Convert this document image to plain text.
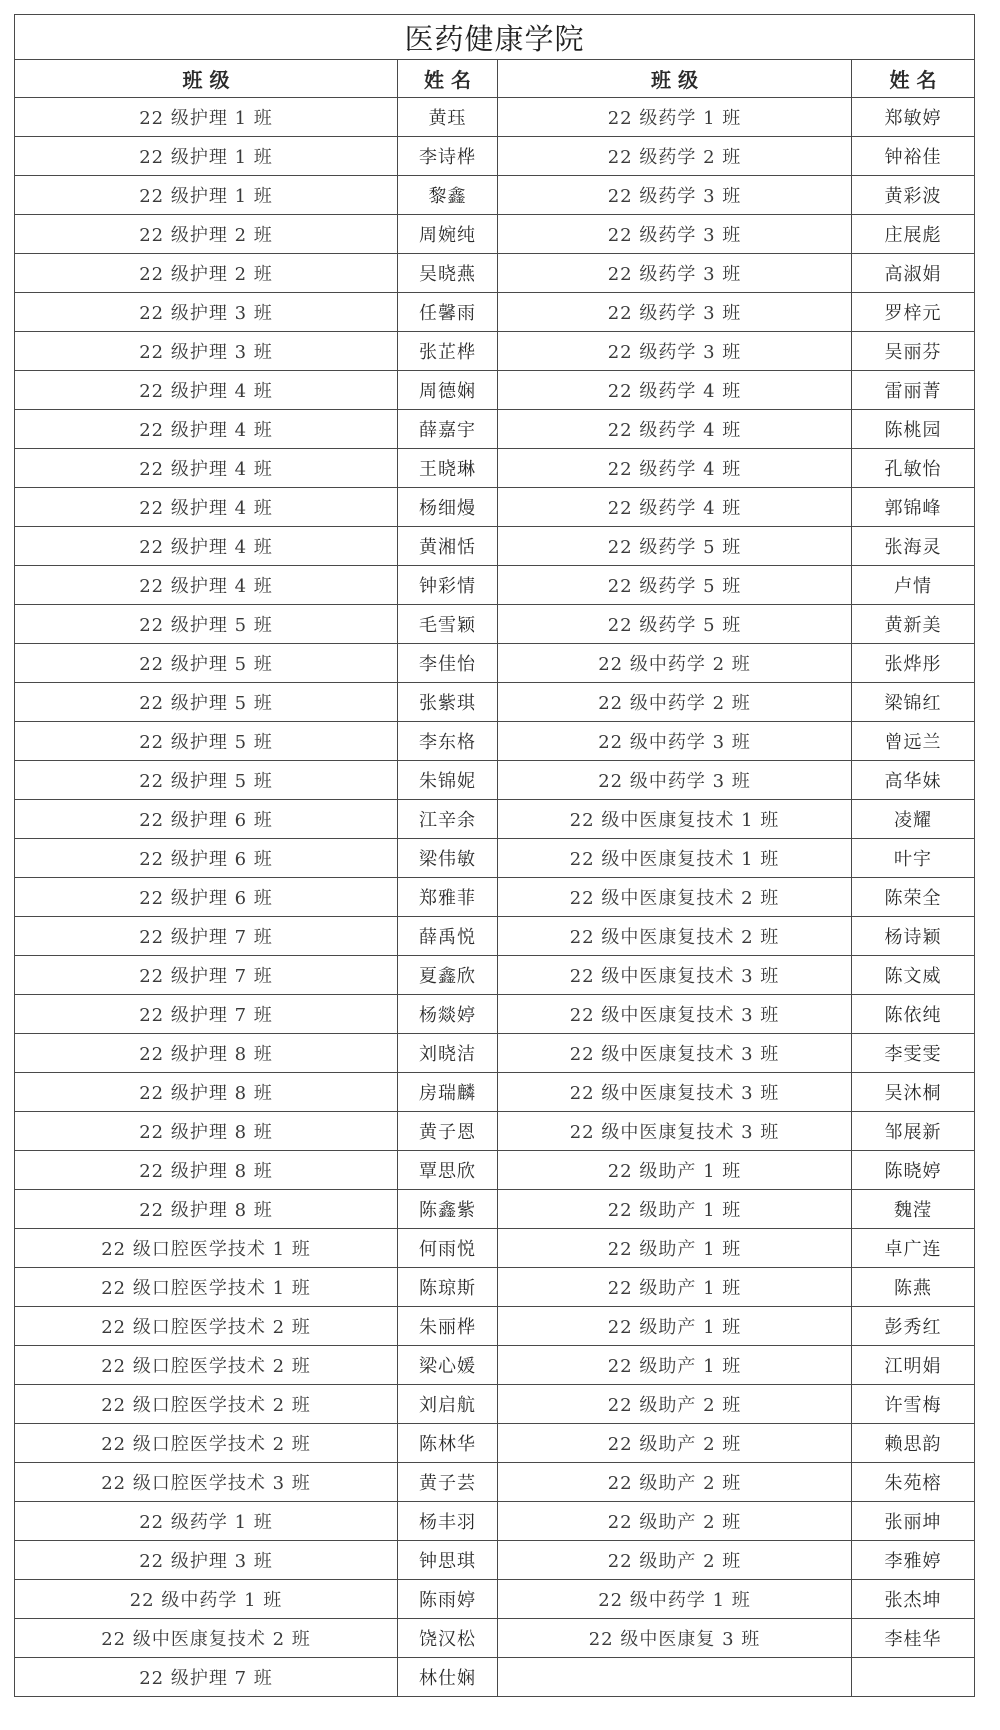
医药健康学院			
班 级	姓 名	班 级	姓 名
22 级护理 1 班	黄珏	22 级药学 1 班	郑敏婷
22 级护理 1 班	李诗桦	22 级药学 2 班	钟裕佳
22 级护理 1 班	黎鑫	22 级药学 3 班	黄彩波
22 级护理 2 班	周婉纯	22 级药学 3 班	庄展彪
22 级护理 2 班	吴晓燕	22 级药学 3 班	高淑娟
22 级护理 3 班	任馨雨	22 级药学 3 班	罗梓元
22 级护理 3 班	张芷桦	22 级药学 3 班	吴丽芬
22 级护理 4 班	周德娴	22 级药学 4 班	雷丽菁
22 级护理 4 班	薛嘉宇	22 级药学 4 班	陈桃园
22 级护理 4 班	王晓琳	22 级药学 4 班	孔敏怡
22 级护理 4 班	杨细熳	22 级药学 4 班	郭锦峰
22 级护理 4 班	黄湘恬	22 级药学 5 班	张海灵
22 级护理 4 班	钟彩情	22 级药学 5 班	卢情
22 级护理 5 班	毛雪颖	22 级药学 5 班	黄新美
22 级护理 5 班	李佳怡	22 级中药学 2 班	张烨彤
22 级护理 5 班	张紫琪	22 级中药学 2 班	梁锦红
22 级护理 5 班	李东格	22 级中药学 3 班	曾远兰
22 级护理 5 班	朱锦妮	22 级中药学 3 班	高华妹
22 级护理 6 班	江辛余	22 级中医康复技术 1 班	凌耀
22 级护理 6 班	梁伟敏	22 级中医康复技术 1 班	叶宇
22 级护理 6 班	郑雅菲	22 级中医康复技术 2 班	陈荣全
22 级护理 7 班	薛禹悦	22 级中医康复技术 2 班	杨诗颖
22 级护理 7 班	夏鑫欣	22 级中医康复技术 3 班	陈文威
22 级护理 7 班	杨燚婷	22 级中医康复技术 3 班	陈依纯
22 级护理 8 班	刘晓洁	22 级中医康复技术 3 班	李雯雯
22 级护理 8 班	房瑞麟	22 级中医康复技术 3 班	吴沐桐
22 级护理 8 班	黄子恩	22 级中医康复技术 3 班	邹展新
22 级护理 8 班	覃思欣	22 级助产 1 班	陈晓婷
22 级护理 8 班	陈鑫紫	22 级助产 1 班	魏滢
22 级口腔医学技术 1 班	何雨悦	22 级助产 1 班	卓广连
22 级口腔医学技术 1 班	陈琼斯	22 级助产 1 班	陈燕
22 级口腔医学技术 2 班	朱丽桦	22 级助产 1 班	彭秀红
22 级口腔医学技术 2 班	梁心媛	22 级助产 1 班	江明娟
22 级口腔医学技术 2 班	刘启航	22 级助产 2 班	许雪梅
22 级口腔医学技术 2 班	陈林华	22 级助产 2 班	赖思韵
22 级口腔医学技术 3 班	黄子芸	22 级助产 2 班	朱苑榕
22 级药学 1 班	杨丰羽	22 级助产 2 班	张丽坤
22 级护理 3 班	钟思琪	22 级助产 2 班	李雅婷
22 级中药学 1 班	陈雨婷	22 级中药学 1 班	张杰坤
22 级中医康复技术 2 班	饶汉松	22 级中医康复 3 班	李桂华
22 级护理 7 班	林仕娴		
